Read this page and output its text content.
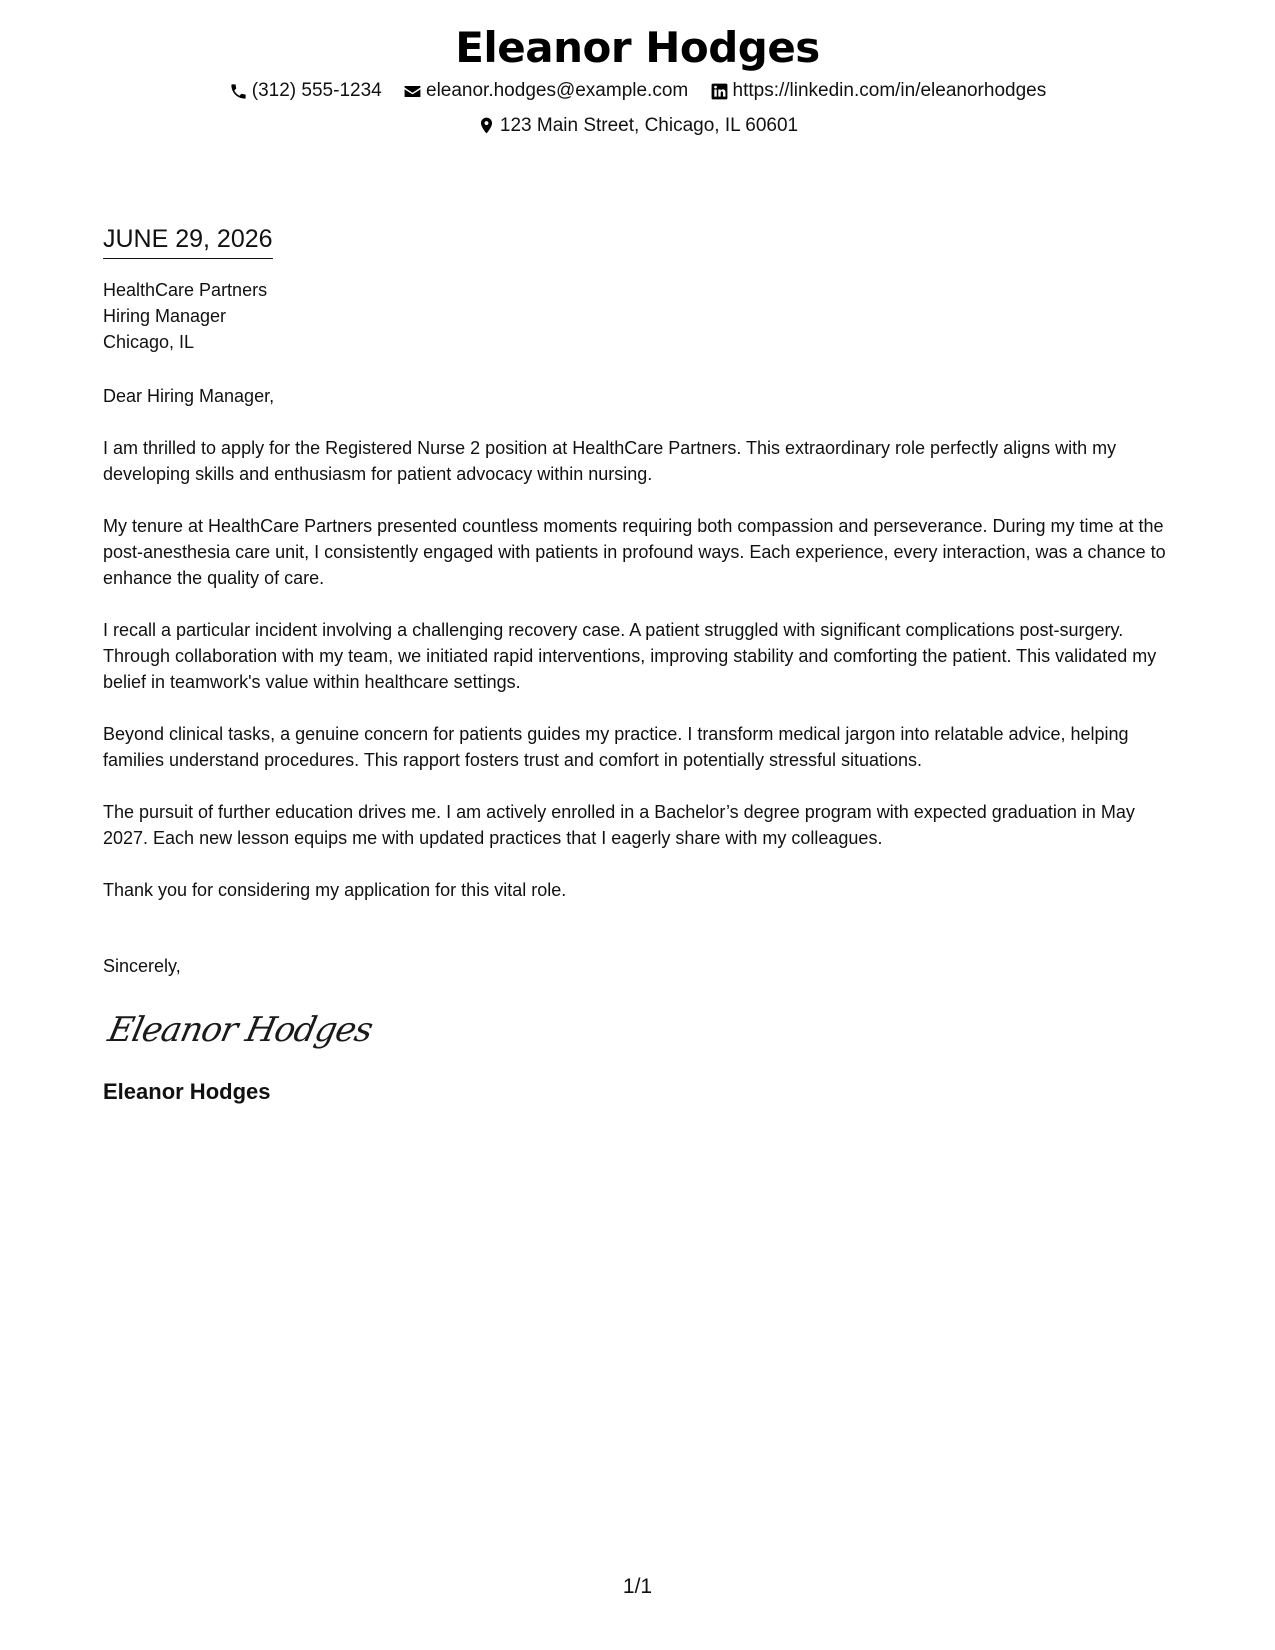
Eleanor Hodges
(312) 555-1234
eleanor.hodges@example.com
https://linkedin.com/in/eleanorhodges
123 Main Street, Chicago, IL 60601
JUNE 29, 2026
HealthCare Partners
Hiring Manager
Chicago, IL
Dear Hiring Manager,
I am thrilled to apply for the Registered Nurse 2 position at HealthCare Partners. This extraordinary role perfectly aligns with my developing skills and enthusiasm for patient advocacy within nursing.
My tenure at HealthCare Partners presented countless moments requiring both compassion and perseverance. During my time at the post-anesthesia care unit, I consistently engaged with patients in profound ways. Each experience, every interaction, was a chance to enhance the quality of care.
I recall a particular incident involving a challenging recovery case. A patient struggled with significant complications post-surgery. Through collaboration with my team, we initiated rapid interventions, improving stability and comforting the patient. This validated my belief in teamwork's value within healthcare settings.
Beyond clinical tasks, a genuine concern for patients guides my practice. I transform medical jargon into relatable advice, helping families understand procedures. This rapport fosters trust and comfort in potentially stressful situations.
The pursuit of further education drives me. I am actively enrolled in a Bachelor’s degree program with expected graduation in May 2027. Each new lesson equips me with updated practices that I eagerly share with my colleagues.
Thank you for considering my application for this vital role.
Sincerely,
Eleanor Hodges
Eleanor Hodges
1/1
